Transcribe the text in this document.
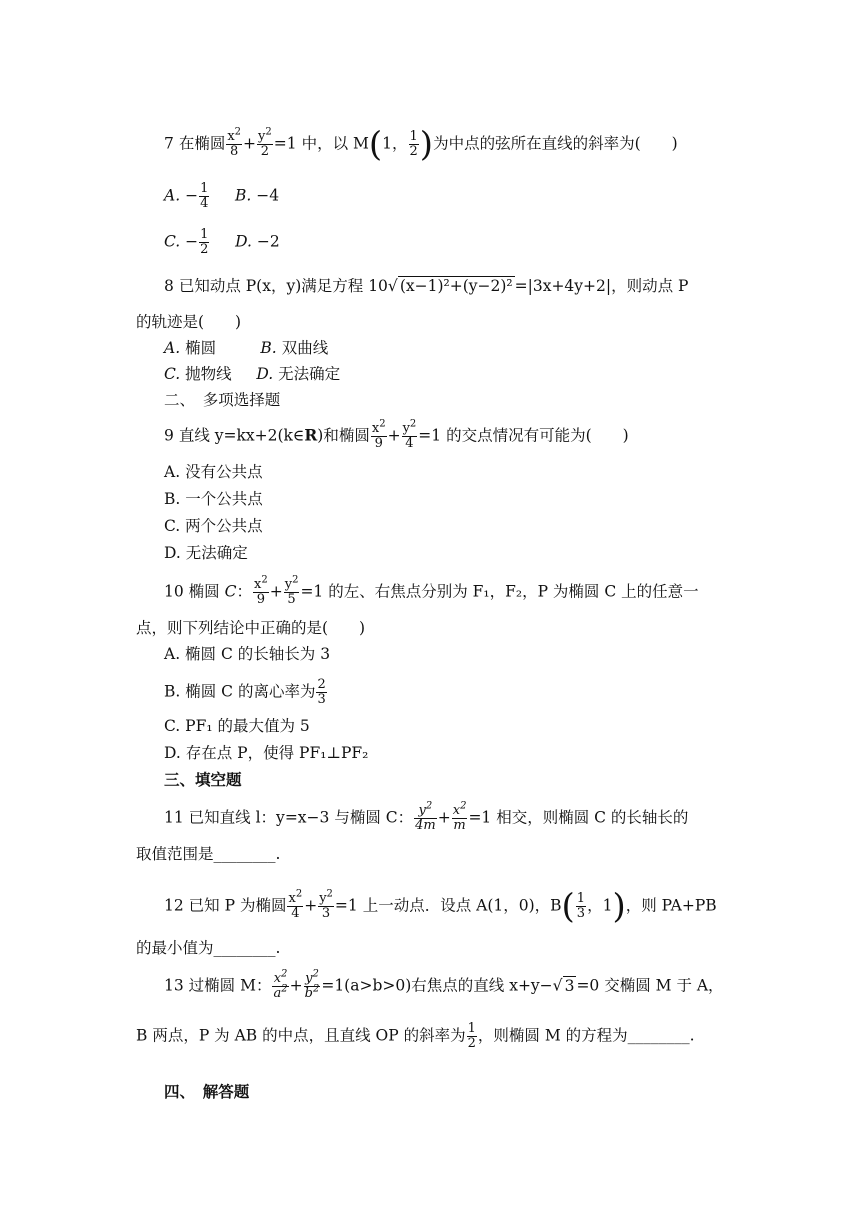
7 在椭圆 $\frac{x^2}{8} + \frac{y^2}{2} =1$ 中，以 M(1， $\frac{1}{2}$ )为中点的弦所在直线的斜率为(　　)
A. − $\frac{1}{4} B$. −4
C. − $\frac{1}{2} D$. −2
8 已知动点 P(x，y)满足方程 10√ (x−1)²+(y−2)² =|3x+4y+2|，则动点 P
的轨迹是(　　)
A. 椭圆	B. 双曲线
C. 抛物线 D. 无法确定
二、　多项选择题
9 直线 y=kx+2(k∈R)和椭圆 $\frac{x^2}{9} + \frac{y^2}{4} =1$ 的交点情况有可能为(　　)
A. 没有公共点
B. 一个公共点
C. 两个公共点
D. 无法确定
10 椭圆 C： $\frac{x^2}{9} + \frac{y^2}{5} =1$ 的左、右焦点分别为 F₁，F₂，P 为椭圆 C 上的任意一
点，则下列结论中正确的是(　　)
A. 椭圆 C 的长轴长为 3
B. 椭圆 C 的离心率为 $\frac{2}{3}$
C. PF₁ 的最大值为 5
D. 存在点 P，使得 PF₁⊥PF₂
三、填空题
11 已知直线 l：y=x−3 与椭圆 C： $\frac{y^2}{4m} + \frac{x^2}{m} =1$ 相交，则椭圆 C 的长轴长的
取值范围是________.
12 已知 P 为椭圆 $\frac{x^2}{4} + \frac{y^2}{3} =1$ 上一动点．设点 A(1，0)，$B( \frac{1}{3}$ ，1)，则 PA+PB
的最小值为________.
13 过椭圆 M： $\frac{x^2}{a^2} + \frac{y^2}{b^2} =1(a>b>0)$右焦点的直线 x+y−√ 3 =0 交椭圆 M 于 A，
B 两点，P 为 AB 的中点，且直线 OP 的斜率为 $\frac{1}{2}$ ，则椭圆 M 的方程为________.
四、　解答题
